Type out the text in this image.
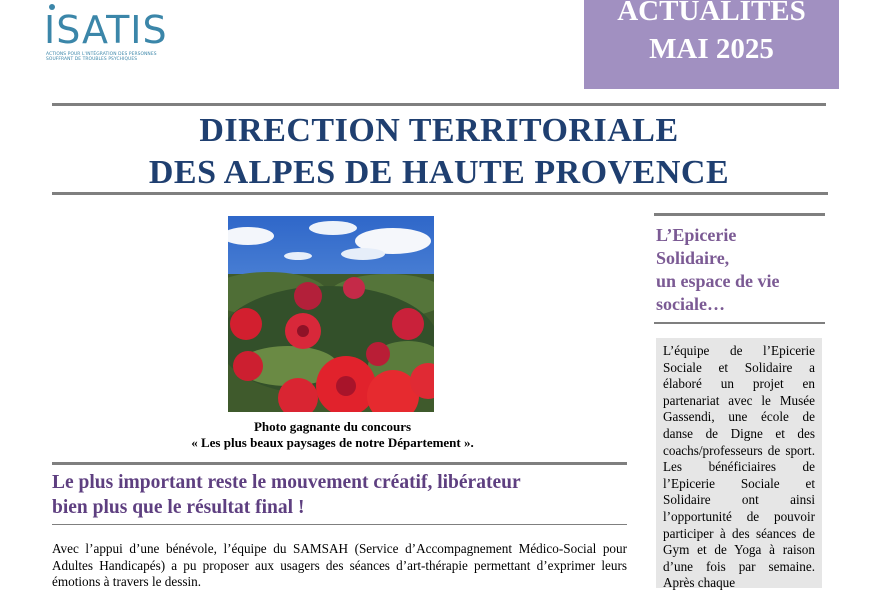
ISATIS
ACTIONS POUR L'INTÉGRATION DES PERSONNES SOUFFRANT DE TROUBLES PSYCHIQUES
ACTUALITES
MAI 2025
DIRECTION TERRITORIALE
DES ALPES DE HAUTE PROVENCE
Photo gagnante du concours
« Les plus beaux paysages de notre Département ».
L’Epicerie
Solidaire,
un espace de vie
sociale…
L’équipe de l’Epicerie Sociale et Solidaire a élaboré un projet en partenariat avec le Musée Gassendi, une école de danse de Digne et des coachs/professeurs de sport. Les bénéficiaires de l’Epicerie Sociale et Solidaire ont ainsi l’opportunité de pouvoir participer à des séances de Gym et de Yoga à raison d’une fois par semaine. Après chaque
Le plus important reste le mouvement créatif, libérateur
bien plus que le résultat final !
Avec l’appui d’une bénévole, l’équipe du SAMSAH (Service d’Accompagnement Médico-Social pour Adultes Handicapés) a pu proposer aux usagers des séances d’art-thérapie permettant d’exprimer leurs émotions à travers le dessin.
